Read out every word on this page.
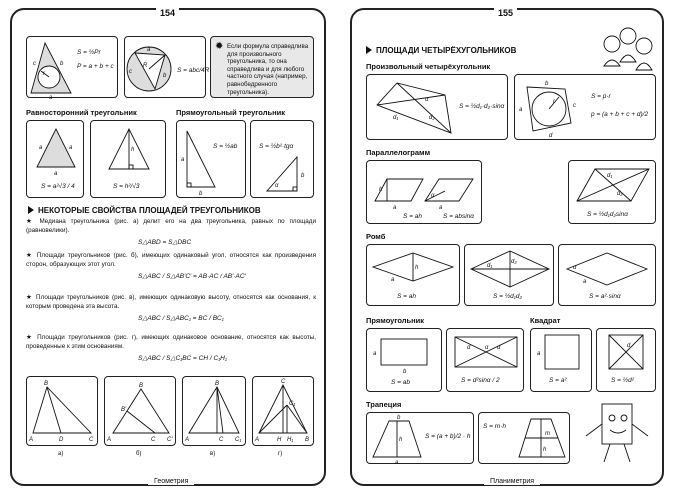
154
c	b
a
r
S = ½Pr
P = a + b + c	R
c
b
a
S = abc/4R
✹ Если формула справедлива для произвольного треугольника, то она справедлива и для любого частного случая (например, равнобедренного треугольника).
Равносторонний треугольник
a	a
a
S = a²√3 / 4
h
S = h²/√3
Прямоугольный треугольник
a
b
S = ½ab
α
b
S = ½b²·tgα
НЕКОТОРЫЕ СВОЙСТВА ПЛОЩАДЕЙ ТРЕУГОЛЬНИКОВ
★ Медиана треугольника (рис. а) делит его на два треугольника, равных по площади (равновелики).
S△ABD = S△DBC
★ Площади треугольников (рис. б), имеющих одинаковый угол, относятся как произведения сторон, образующих этот угол.
S△ABC / S△AB′C′ = AB·AC / AB′·AC′
★ Площади треугольников (рис. в), имеющих одинаковую высоту, относятся как основания, к которым проведена эта высота.
S△ABC / S△ABC₁ = BC / BC₁
★ Площади треугольников (рис. г), имеющих одинаковое основание, относятся как высоты, проведенные к этим основаниям.
S△ABC / S△C₁BC = CH / C₁H₁
B
A	D	C
B
B'
A	C C'
B
A	C C₁
C
C₁
A	H H₁ B
а)	б)	в)	г)
Геометрия
155
ПЛОЩАДИ ЧЕТЫРЁХУГОЛЬНИКОВ
Произвольный четырёхугольник
d₁	d₂
α
S = ½d₁·d₂·sinα a
b
c
d
r
S = p·r
p = (a + b + c + d)/2
Параллелограмм
h
a	a
α
S = ah	S = absinα
d₁
d₂
S = ½d₁d₂sinα
Ромб
h
a
S = ah
d₂
d₁
S = ½d₁d₂
α
a
S = a²·sinα
Прямоугольник	Квадрат
a
b
S = ab
d	d
α
S = d²sinα / 2
a
S = a²
d
S = ½d²
Трапеция
b
h
a
S = (a + b)/2 · h	m
h
S = m·h
Планиметрия
